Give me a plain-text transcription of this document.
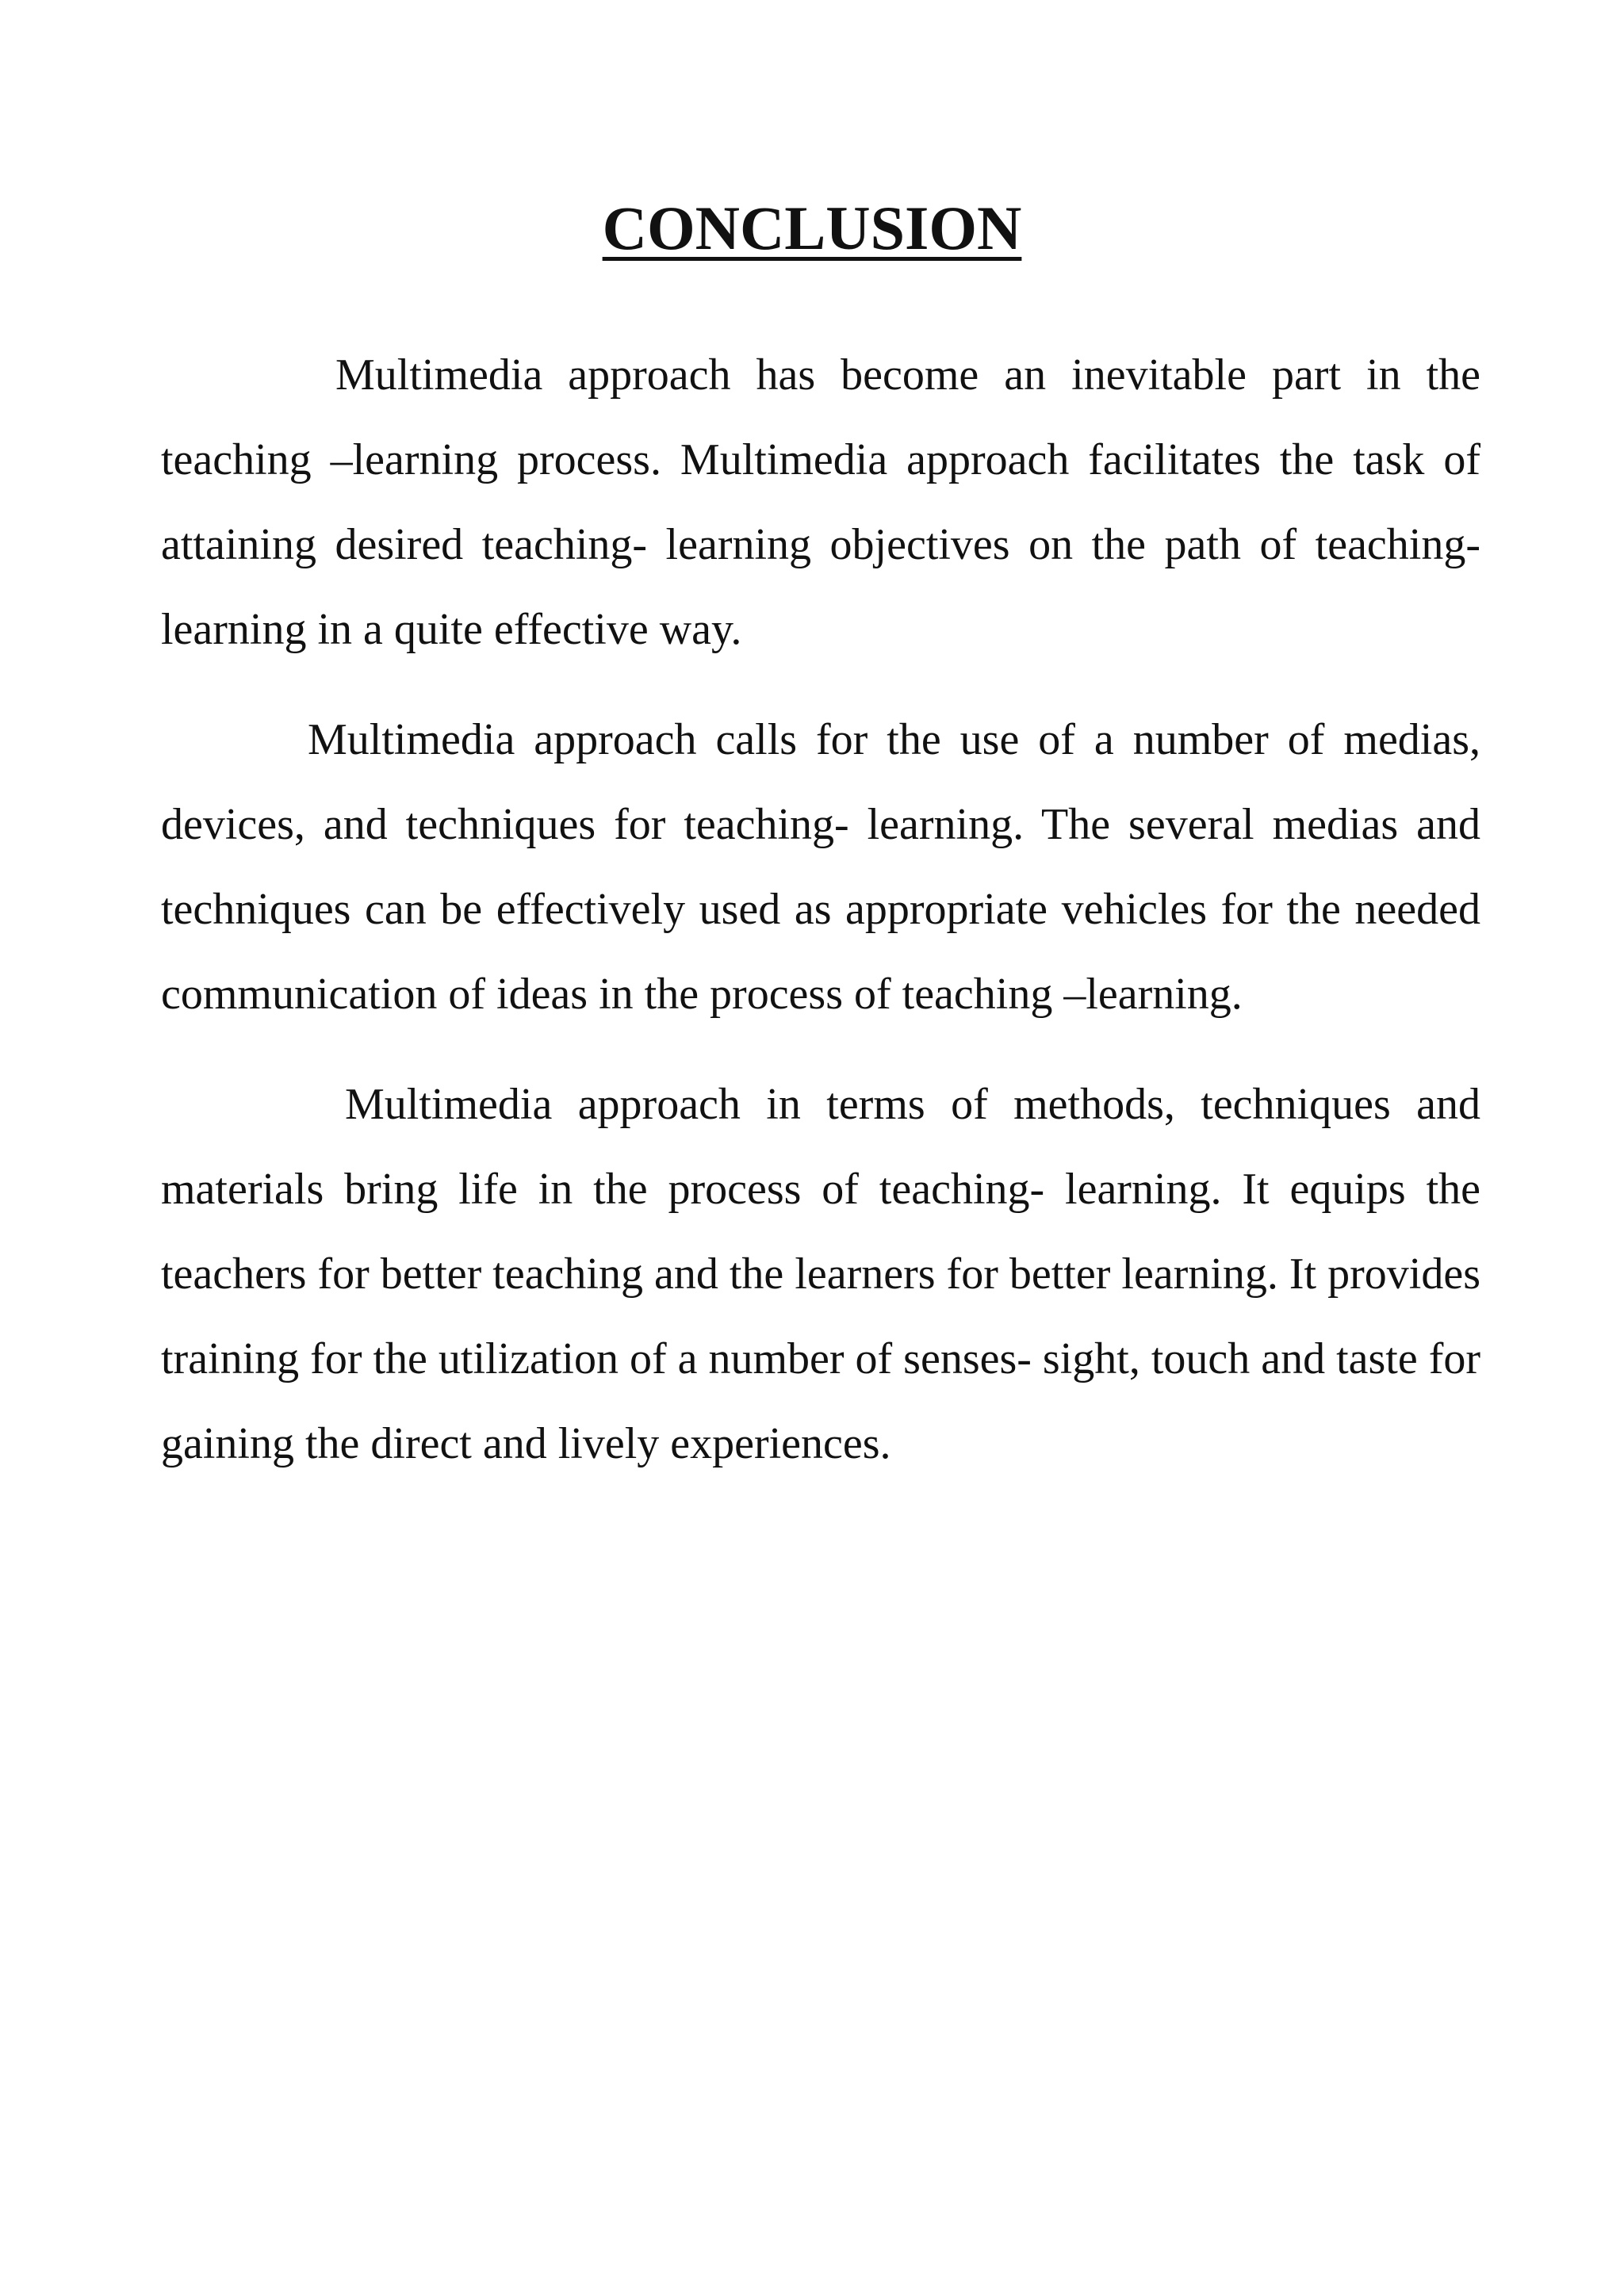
CONCLUSION

Multimedia approach has become an inevitable part in the teaching –learning process. Multimedia approach facilitates the task of attaining desired teaching- learning objectives on the path of teaching- learning in a quite effective way.

Multimedia approach calls for the use of a number of medias, devices, and techniques for teaching- learning. The several medias and techniques can be effectively used as appropriate vehicles for the needed communication of ideas in the process of teaching –learning.

Multimedia approach in terms of methods, techniques and materials bring life in the process of teaching- learning. It equips the teachers for better teaching and the learners for better learning. It provides training for the utilization of a number of senses- sight, touch and taste for gaining the direct and lively experiences.
